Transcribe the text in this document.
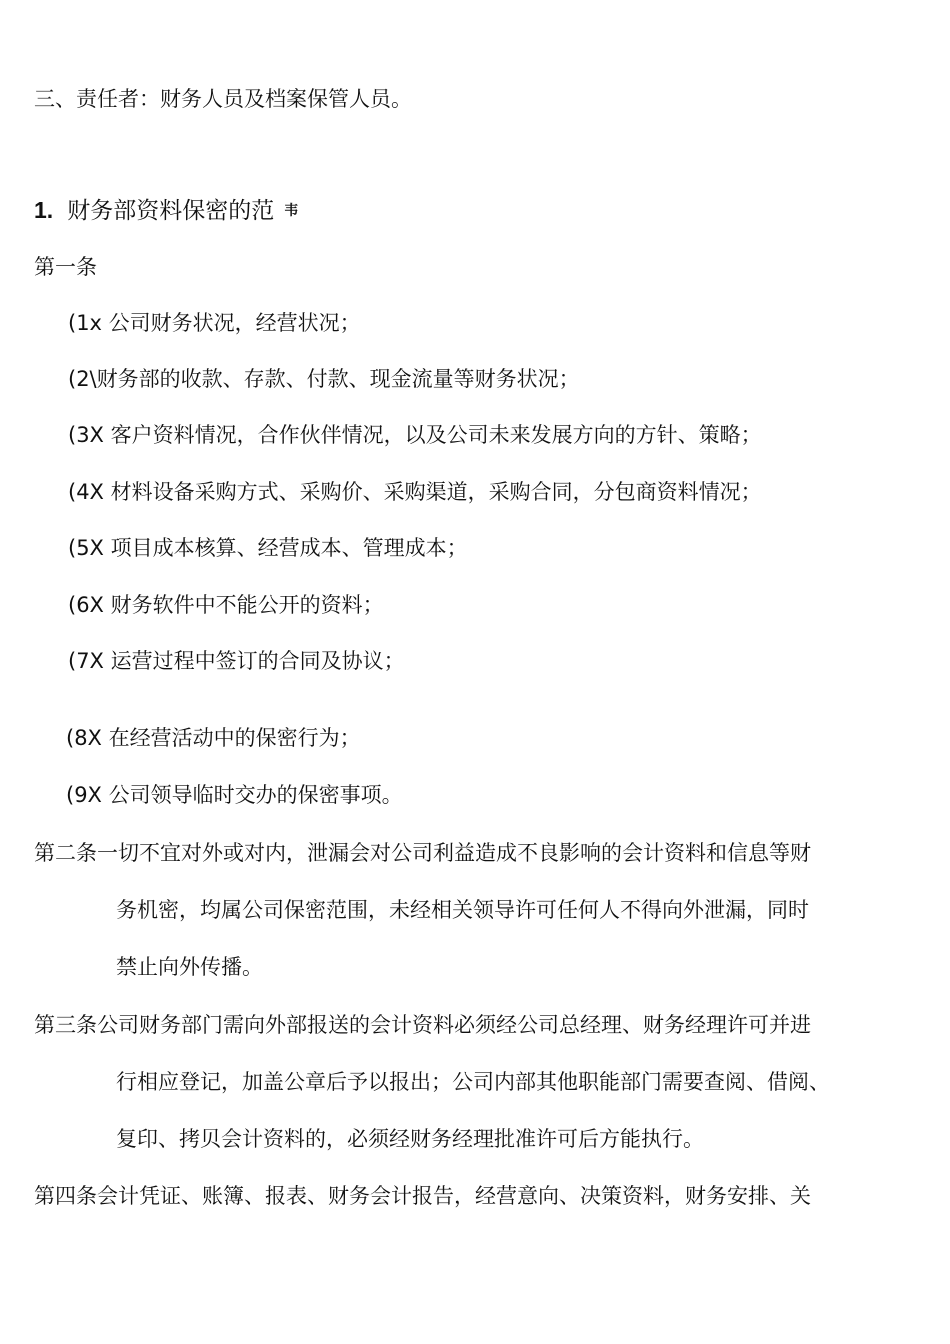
三、责任者：财务人员及档案保管人员。

1. 财务部资料保密的范 韦

第一条

(1x 公司财务状况，经营状况；

(2\财务部的收款、存款、付款、现金流量等财务状况；

(3X 客户资料情况，合作伙伴情况，以及公司未来发展方向的方针、策略；

(4X 材料设备采购方式、采购价、采购渠道，采购合同，分包商资料情况；

(5X 项目成本核算、经营成本、管理成本；

(6X 财务软件中不能公开的资料；

(7X 运营过程中签订的合同及协议；

(8X 在经营活动中的保密行为；

(9X 公司领导临时交办的保密事项。

第二条一切不宜对外或对内，泄漏会对公司利益造成不良影响的会计资料和信息等财

务机密，均属公司保密范围，未经相关领导许可任何人不得向外泄漏，同时

禁止向外传播。

第三条公司财务部门需向外部报送的会计资料必须经公司总经理、财务经理许可并进

行相应登记，加盖公章后予以报出；公司内部其他职能部门需要查阅、借阅、

复印、拷贝会计资料的，必须经财务经理批准许可后方能执行。

第四条会计凭证、账簿、报表、财务会计报告，经营意向、决策资料，财务安排、关
